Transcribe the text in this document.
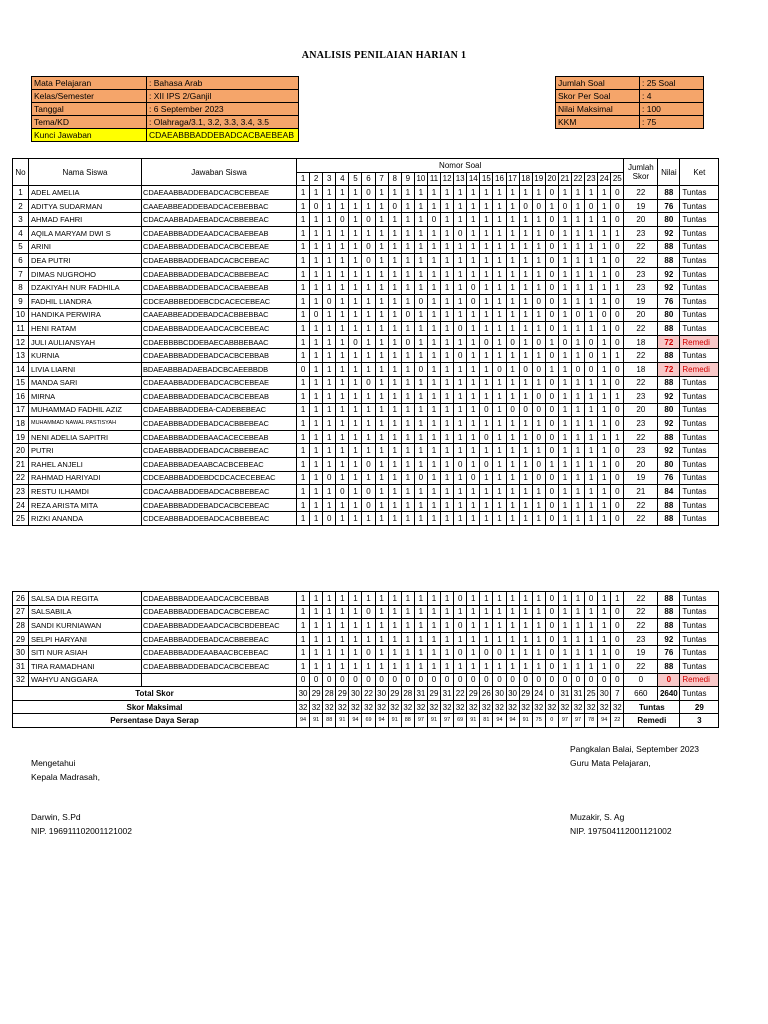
ANALISIS PENILAIAN HARIAN 1
Mata Pelajaran	: Bahasa Arab
Kelas/Semester	: XII IPS 2/Ganjil
Tanggal	: 6 September 2023
Tema/KD	: Olahraga/3.1, 3.2, 3.3, 3.4, 3.5
Kunci Jawaban	CDAEABBBADDEBADCACBAEBEAB
Jumlah Soal	: 25 Soal
Skor Per Soal	: 4
Nilai Maksimal	: 100
KKM	: 75
No	Nama Siswa	Jawaban Siswa	Nomor Soal																									Jumlah Skor	Nilai	Ket
			1	2	3	4	5	6	7	8	9	10	11	12	13	14	15	16	17	18	19	20	21	22	23	24	25			
1	ADEL AMELIA	CDAEAABBADDEBADCACBCEBEAE	1	1	1	1	1	0	1	1	1	1	1	1	1	1	1	1	1	1	1	0	1	1	1	1	0	22	88	Tuntas
2	ADITYA SUDARMAN	CAAEABBEADDEBADCACEBEBBAC	1	0	1	1	1	1	1	0	1	1	1	1	1	1	1	1	1	0	0	1	0	1	0	1	0	19	76	Tuntas
3	AHMAD FAHRI	CDACAABBADAEBADCACBBEBEAC	1	1	1	0	1	0	1	1	1	1	0	1	1	1	1	1	1	1	1	0	1	1	1	1	0	20	80	Tuntas
4	AQILA MARYAM DWI S	CDAEABBBADDEAADCACBAEBEAB	1	1	1	1	1	1	1	1	1	1	1	1	0	1	1	1	1	1	1	0	1	1	1	1	1	23	92	Tuntas
5	ARINI	CDAEABBBADDEBADCACBCEBEAE	1	1	1	1	1	0	1	1	1	1	1	1	1	1	1	1	1	1	1	0	1	1	1	1	0	22	88	Tuntas
6	DEA PUTRI	CDAEABBBADDEBADCACBCEBEAC	1	1	1	1	1	0	1	1	1	1	1	1	1	1	1	1	1	1	1	0	1	1	1	1	0	22	88	Tuntas
7	DIMAS NUGROHO	CDAEABBBADDEBADCACBBEBEAC	1	1	1	1	1	1	1	1	1	1	1	1	1	1	1	1	1	1	1	0	1	1	1	1	0	23	92	Tuntas
8	DZAKIYAH NUR FADHILA	CDAEABBBADDEBADCACBAEBEAB	1	1	1	1	1	1	1	1	1	1	1	1	1	0	1	1	1	1	1	0	1	1	1	1	1	23	92	Tuntas
9	FADHIL LIANDRA	CDCEABBBEDDEBCDCACECEBEAC	1	1	0	1	1	1	1	1	1	0	1	1	1	0	1	1	1	1	0	0	1	1	1	1	0	19	76	Tuntas
10	HANDIKA PERWIRA	CAAEABBEADDEBADCACBBEBBAC	1	0	1	1	1	1	1	1	0	1	1	1	1	1	1	1	1	1	1	0	1	0	1	0	0	20	80	Tuntas
11	HENI RATAM	CDAEABBBADDEAADCACBCEBEAC	1	1	1	1	1	1	1	1	1	1	1	1	0	1	1	1	1	1	1	0	1	1	1	1	0	22	88	Tuntas
12	JULI AULIANSYAH	CDAEBBBBCDDEBAECABBBEBAAC	1	1	1	1	0	1	1	1	0	1	1	1	1	1	0	1	0	1	0	1	0	1	0	1	0	18	72	Remedi
13	KURNIA	CDAEABBBADDEBADCACBCEBBAB	1	1	1	1	1	1	1	1	1	1	1	1	0	1	1	1	1	1	1	0	1	1	0	1	1	22	88	Tuntas
14	LIVIA LIARNI	BDAEABBBADAEBADCBCAEEBBDB	0	1	1	1	1	1	1	1	1	0	1	1	1	1	1	0	1	0	0	1	1	0	0	1	0	18	72	Remedi
15	MANDA SARI	CDAEAABBADDEBADCACBCEBEAE	1	1	1	1	1	0	1	1	1	1	1	1	1	1	1	1	1	1	1	0	1	1	1	1	0	22	88	Tuntas
16	MIRNA	CDAEABBBADDEBADCACBCEBEAB	1	1	1	1	1	1	1	1	1	1	1	1	1	1	1	1	1	1	0	0	1	1	1	1	1	23	92	Tuntas
17	MUHAMMAD FADHIL AZIZ	CDAEABBBADDEBA-CADEBEBEAC	1	1	1	1	1	1	1	1	1	1	1	1	1	1	0	1	0	0	0	0	1	1	1	1	0	20	80	Tuntas
18	MUHAMMAD NAWAL PASTISYAH	CDAEABBBADDEBADCACBBEBEAC	1	1	1	1	1	1	1	1	1	1	1	1	1	1	1	1	1	1	1	0	1	1	1	1	0	23	92	Tuntas
19	NENI ADELIA SAPITRI	CDAEABBBADDEBAACACECEBEAB	1	1	1	1	1	1	1	1	1	1	1	1	1	1	0	1	1	1	0	0	1	1	1	1	1	22	88	Tuntas
20	PUTRI	CDAEABBBADDEBADCACBBEBEAC	1	1	1	1	1	1	1	1	1	1	1	1	1	1	1	1	1	1	1	0	1	1	1	1	0	23	92	Tuntas
21	RAHEL ANJELI	CDAEABBBADEAABCACBCEBEAC	1	1	1	1	1	0	1	1	1	1	1	1	0	1	0	1	1	1	0	1	1	1	1	1	0	20	80	Tuntas
22	RAHMAD HARIYADI	CDCEABBBADDEBDCDCACECEBEAC	1	1	0	1	1	1	1	1	1	0	1	1	1	0	1	1	1	1	0	0	1	1	1	1	0	19	76	Tuntas
23	RESTU ILHAMDI	CDACAABBADDEBADCACBBEBEAC	1	1	1	0	1	0	1	1	1	1	1	1	1	1	1	1	1	1	1	0	1	1	1	1	0	21	84	Tuntas
24	REZA ARISTA MITA	CDAEABBBADDEBADCACBCEBEAC	1	1	1	1	1	0	1	1	1	1	1	1	1	1	1	1	1	1	1	0	1	1	1	1	0	22	88	Tuntas
25	RIZKI ANANDA	CDCEABBBADDEBADCACBBEBEAC	1	1	0	1	1	1	1	1	1	1	1	1	1	1	1	1	1	1	1	0	1	1	1	1	0	22	88	Tuntas
26	SALSA DIA REGITA	CDAEABBBADDEAADCACBCEBBAB	1	1	1	1	1	1	1	1	1	1	1	1	0	1	1	1	1	1	1	0	1	1	0	1	1	22	88	Tuntas
27	SALSABILA	CDAEABBBADDEBADCACBCEBEAC	1	1	1	1	1	0	1	1	1	1	1	1	1	1	1	1	1	1	1	0	1	1	1	1	0	22	88	Tuntas
28	SANDI KURNIAWAN	CDAEABBBADDEAADCACBCBDEBEAC	1	1	1	1	1	1	1	1	1	1	1	1	0	1	1	1	1	1	1	0	1	1	1	1	0	22	88	Tuntas
29	SELPI HARYANI	CDAEABBBADDEBADCACBBEBEAC	1	1	1	1	1	1	1	1	1	1	1	1	1	1	1	1	1	1	1	0	1	1	1	1	0	23	92	Tuntas
30	SITI NUR ASIAH	CDAEABBBADDEAABAACBCEBEAC	1	1	1	1	1	0	1	1	1	1	1	1	0	1	0	0	1	1	1	0	1	1	1	1	0	19	76	Tuntas
31	TIRA RAMADHANI	CDAEABBBADDEBADCACBCEBEAC	1	1	1	1	1	1	1	1	1	1	1	1	1	1	1	1	1	1	1	0	1	1	1	1	0	22	88	Tuntas
32	WAHYU ANGGARA		0	0	0	0	0	0	0	0	0	0	0	0	0	0	0	0	0	0	0	0	0	0	0	0	0	0	0	Remedi
Total Skor			30	29	28	29	30	22	30	29	28	31	29	31	22	29	26	30	30	29	24	0	31	31	25	30	7	660	2640	Tuntas
Skor Maksimal			32	32	32	32	32	32	32	32	32	32	32	32	32	32	32	32	32	32	32	32	32	32	32	32	32	Tuntas		29
Persentase Daya Serap			94	91	88	91	94	69	94	91	88	97	91	97	69	91	81	94	94	91	75	0	97	97	78	94	22	Remedi		3
Pangkalan Balai, September 2023
Guru Mata Pelajaran,
Mengetahui
Kepala Madrasah,
Darwin, S.Pd
NIP. 196911102001121002
Muzakir, S. Ag
NIP. 197504112001121002
